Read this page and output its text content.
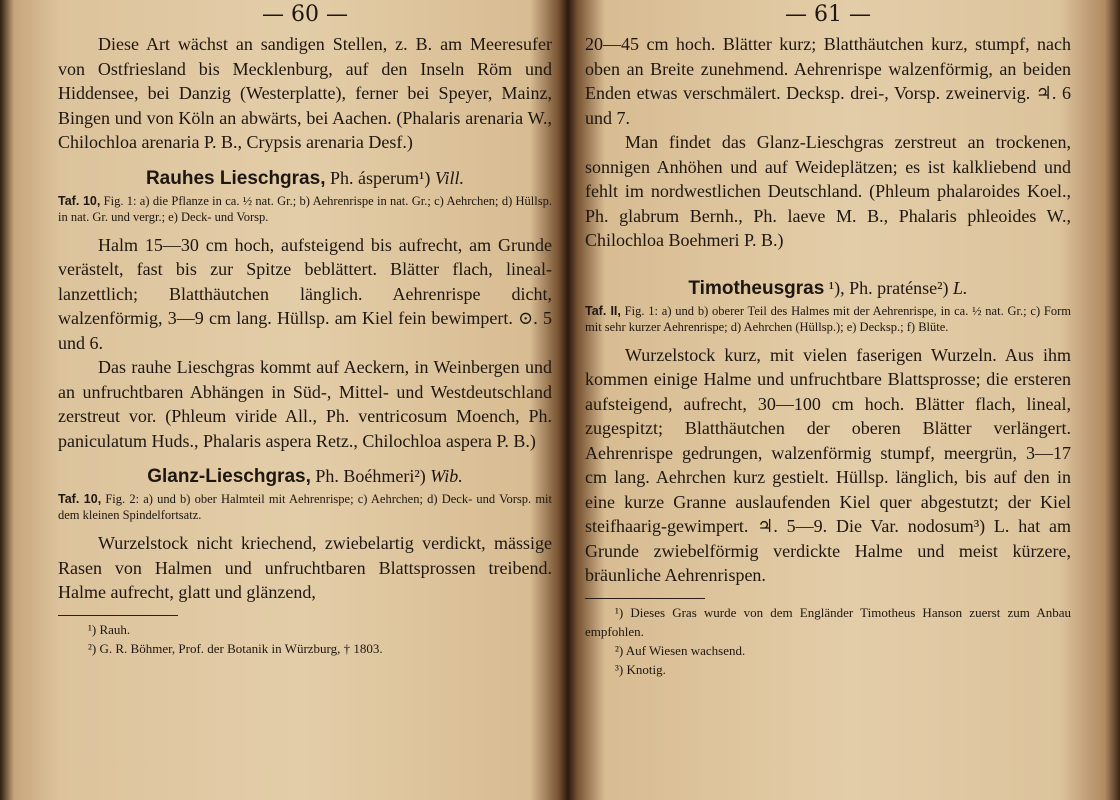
— 60 —

Diese Art wächst an sandigen Stellen, z. B. am Meeresufer von Ostfriesland bis Mecklenburg, auf den Inseln Röm und Hiddensee, bei Danzig (Westerplatte), ferner bei Speyer, Mainz, Bingen und von Köln an abwärts, bei Aachen. (Phalaris arenaria W., Chilochloa arenaria P. B., Crypsis arenaria Desf.)

Rauhes Lieschgras, Ph. ásperum¹) Vill.

Taf. 10, Fig. 1: a) die Pflanze in ca. ½ nat. Gr.; b) Aehrenrispe in nat. Gr.; c) Aehrchen; d) Hüllsp. in nat. Gr. und vergr.; e) Deck- und Vorsp.

Halm 15—30 cm hoch, aufsteigend bis aufrecht, am Grunde verästelt, fast bis zur Spitze beblättert. Blätter flach, lineal-lanzettlich; Blatthäutchen länglich. Aehrenrispe dicht, walzenförmig, 3—9 cm lang. Hüllsp. am Kiel fein bewimpert. ⊙. 5 und 6.

Das rauhe Lieschgras kommt auf Aeckern, in Weinbergen und an unfruchtbaren Abhängen in Süd-, Mittel- und Westdeutschland zerstreut vor. (Phleum viride All., Ph. ventricosum Moench, Ph. paniculatum Huds., Phalaris aspera Retz., Chilochloa aspera P. B.)

Glanz-Lieschgras, Ph. Boéhmeri²) Wib.

Taf. 10, Fig. 2: a) und b) ober Halmteil mit Aehrenrispe; c) Aehrchen; d) Deck- und Vorsp. mit dem kleinen Spindelfortsatz.

Wurzelstock nicht kriechend, zwiebelartig verdickt, mässige Rasen von Halmen und unfruchtbaren Blattsprossen treibend. Halme aufrecht, glatt und glänzend,

¹) Rauh.

²) G. R. Böhmer, Prof. der Botanik in Würzburg, † 1803.

— 61 —

20—45 cm hoch. Blätter kurz; Blatthäutchen kurz, stumpf, nach oben an Breite zunehmend. Aehrenrispe walzenförmig, an beiden Enden etwas verschmälert. Decksp. drei-, Vorsp. zweinervig. ♃. 6 und 7.

Man findet das Glanz-Lieschgras zerstreut an trockenen, sonnigen Anhöhen und auf Weideplätzen; es ist kalkliebend und fehlt im nordwestlichen Deutschland. (Phleum phalaroides Koel., Ph. glabrum Bernh., Ph. laeve M. B., Phalaris phleoides W., Chilochloa Boehmeri P. B.)

Timotheusgras ¹), Ph. praténse²) L.

Taf. II, Fig. 1: a) und b) oberer Teil des Halmes mit der Aehrenrispe, in ca. ½ nat. Gr.; c) Form mit sehr kurzer Aehrenrispe; d) Aehrchen (Hüllsp.); e) Decksp.; f) Blüte.

Wurzelstock kurz, mit vielen faserigen Wurzeln. Aus ihm kommen einige Halme und unfruchtbare Blattsprosse; die ersteren aufsteigend, aufrecht, 30—100 cm hoch. Blätter flach, lineal, zugespitzt; Blatthäutchen der oberen Blätter verlängert. Aehrenrispe gedrungen, walzenförmig stumpf, meergrün, 3—17 cm lang. Aehrchen kurz gestielt. Hüllsp. länglich, bis auf den in eine kurze Granne auslaufenden Kiel quer abgestutzt; der Kiel steifhaarig-gewimpert. ♃. 5—9. Die Var. nodosum³) L. hat am Grunde zwiebelförmig verdickte Halme und meist kürzere, bräunliche Aehrenrispen.

¹) Dieses Gras wurde von dem Engländer Timotheus Hanson zuerst zum Anbau empfohlen.

²) Auf Wiesen wachsend.

³) Knotig.
